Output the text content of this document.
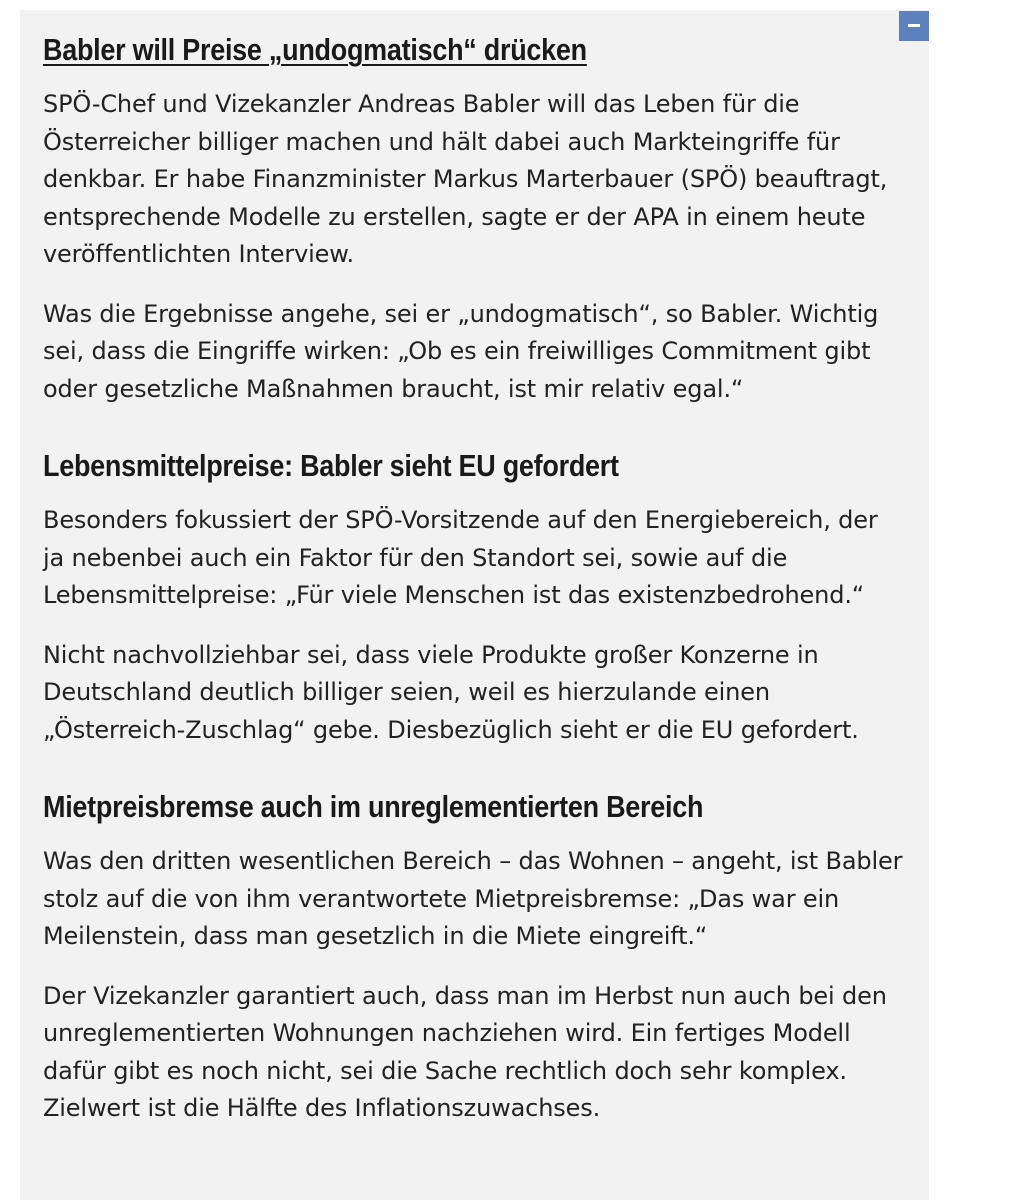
Babler will Preise „undogmatisch“ drücken

SPÖ-Chef und Vizekanzler Andreas Babler will das Leben für die Österreicher billiger machen und hält dabei auch Markteingriffe für denkbar. Er habe Finanzminister Markus Marterbauer (SPÖ) beauftragt, entsprechende Modelle zu erstellen, sagte er der APA in einem heute veröffentlichten Interview.

Was die Ergebnisse angehe, sei er „undogmatisch“, so Babler. Wichtig sei, dass die Eingriffe wirken: „Ob es ein freiwilliges Commitment gibt oder gesetzliche Maßnahmen braucht, ist mir relativ egal.“

Lebensmittelpreise: Babler sieht EU gefordert

Besonders fokussiert der SPÖ-Vorsitzende auf den Energiebereich, der ja nebenbei auch ein Faktor für den Standort sei, sowie auf die Lebensmittelpreise: „Für viele Menschen ist das existenzbedrohend.“

Nicht nachvollziehbar sei, dass viele Produkte großer Konzerne in Deutschland deutlich billiger seien, weil es hierzulande einen „Österreich-Zuschlag“ gebe. Diesbezüglich sieht er die EU gefordert.

Mietpreisbremse auch im unreglementierten Bereich

Was den dritten wesentlichen Bereich – das Wohnen – angeht, ist Babler stolz auf die von ihm verantwortete Mietpreisbremse: „Das war ein Meilenstein, dass man gesetzlich in die Miete eingreift.“

Der Vizekanzler garantiert auch, dass man im Herbst nun auch bei den unreglementierten Wohnungen nachziehen wird. Ein fertiges Modell dafür gibt es noch nicht, sei die Sache rechtlich doch sehr komplex. Zielwert ist die Hälfte des Inflationszuwachses.
